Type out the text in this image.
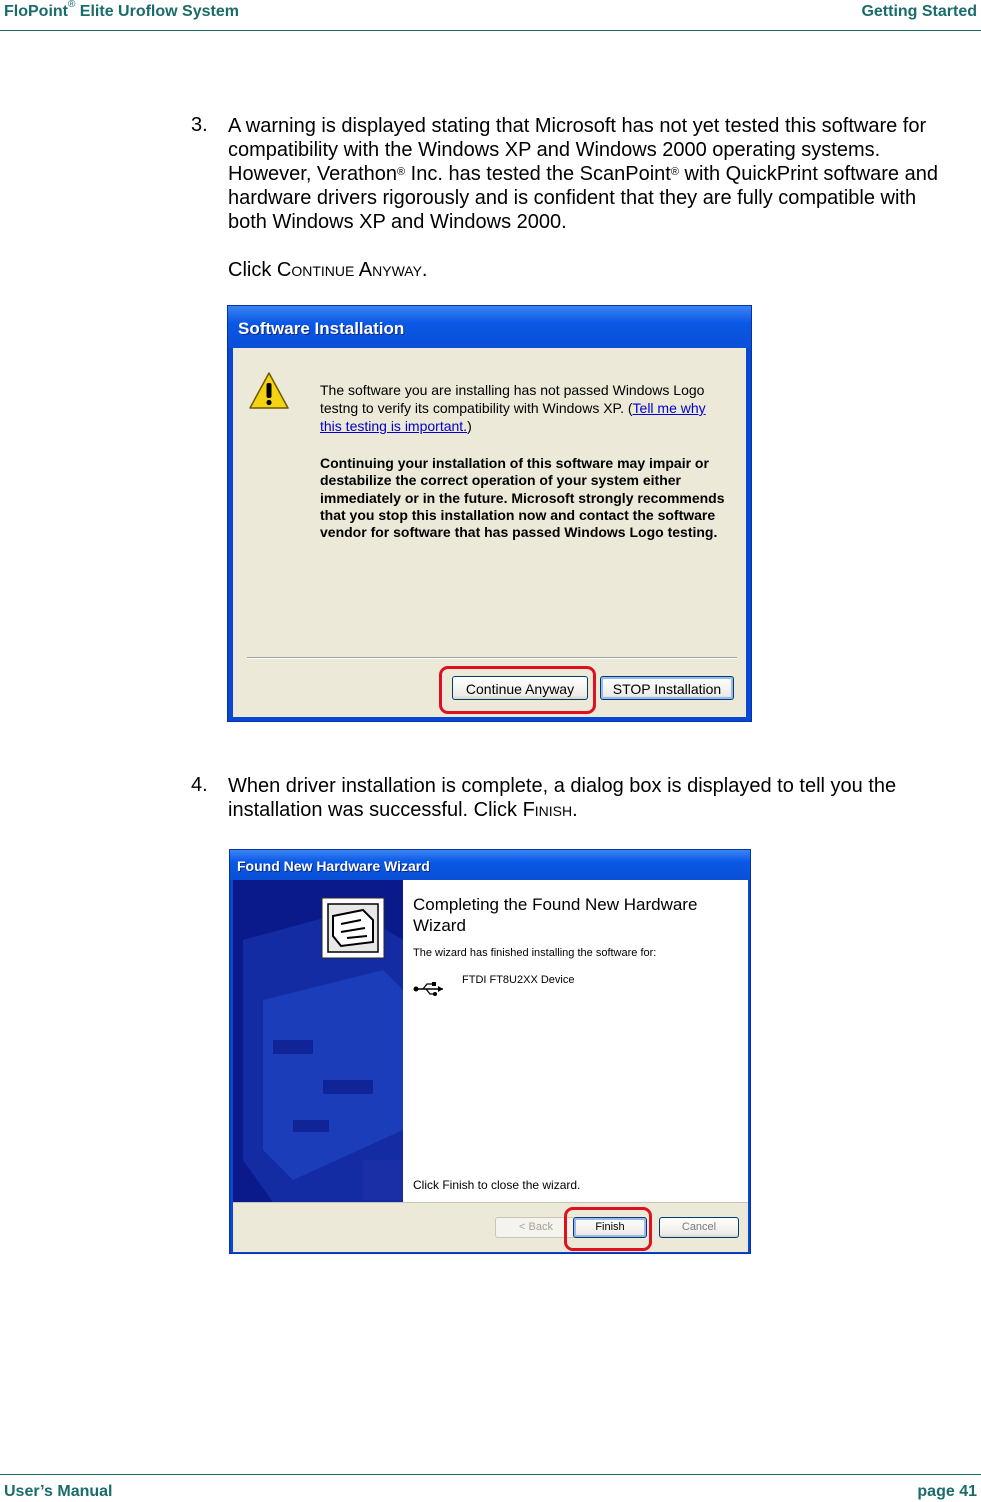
FloPoint® Elite Uroflow System	Getting Started
3. A warning is displayed stating that Microsoft has not yet tested this software for
compatibility with the Windows XP and Windows 2000 operating systems.
However, Verathon® Inc. has tested the ScanPoint® with QuickPrint software and
hardware drivers rigorously and is confident that they are fully compatible with
both Windows XP and Windows 2000.
Click Continue Anyway.
Software Installation
The software you are installing has not passed Windows Logo testng to verify its compatibility with Windows XP. (Tell me why this testing is important.)
Continuing your installation of this software may impair or destabilize the correct operation of your system either immediately or in the future. Microsoft strongly recommends that you stop this installation now and contact the software vendor for software that has passed Windows Logo testing.
Continue Anyway	STOP Installation
4. When driver installation is complete, a dialog box is displayed to tell you the
installation was successful. Click Finish.
Found New Hardware Wizard
Completing the Found New Hardware Wizard
The wizard has finished installing the software for:
FTDI FT8U2XX Device
Click Finish to close the wizard.
< Back	Finish	Cancel
User’s Manual	page 41
